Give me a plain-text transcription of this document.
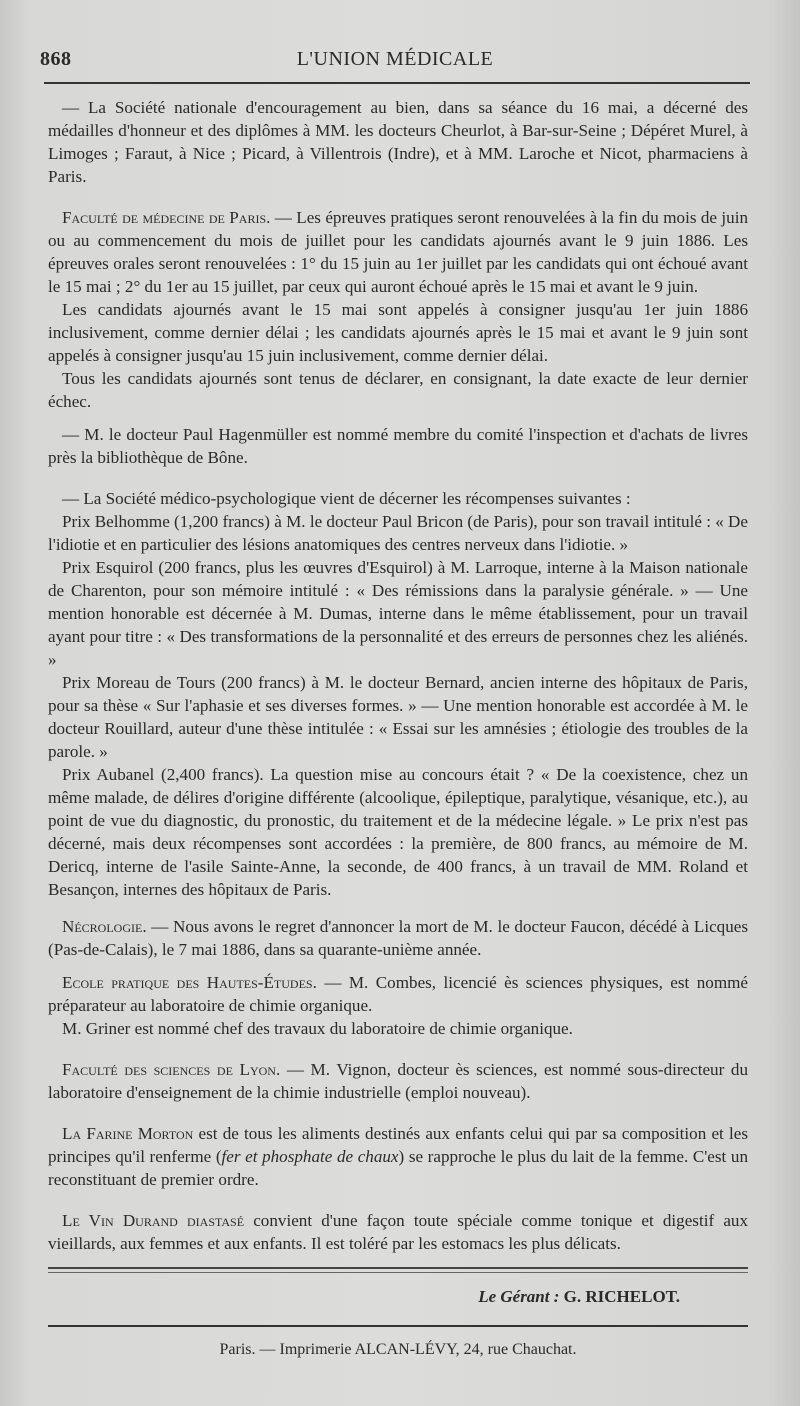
868	L'UNION MÉDICALE

— La Société nationale d'encouragement au bien, dans sa séance du 16 mai, a décerné des médailles d'honneur et des diplômes à MM. les docteurs Cheurlot, à Bar-sur-Seine ; Dépéret Murel, à Limoges ; Faraut, à Nice ; Picard, à Villentrois (Indre), et à MM. Laroche et Nicot, pharmaciens à Paris.

Faculté de médecine de Paris. — Les épreuves pratiques seront renouvelées à la fin du mois de juin ou au commencement du mois de juillet pour les candidats ajournés avant le 9 juin 1886. Les épreuves orales seront renouvelées : 1° du 15 juin au 1er juillet par les candidats qui ont échoué avant le 15 mai ; 2° du 1er au 15 juillet, par ceux qui auront échoué après le 15 mai et avant le 9 juin.

Les candidats ajournés avant le 15 mai sont appelés à consigner jusqu'au 1er juin 1886 inclusivement, comme dernier délai ; les candidats ajournés après le 15 mai et avant le 9 juin sont appelés à consigner jusqu'au 15 juin inclusivement, comme dernier délai.

Tous les candidats ajournés sont tenus de déclarer, en consignant, la date exacte de leur dernier échec.

— M. le docteur Paul Hagenmüller est nommé membre du comité l'inspection et d'achats de livres près la bibliothèque de Bône.

— La Société médico-psychologique vient de décerner les récompenses suivantes :

Prix Belhomme (1,200 francs) à M. le docteur Paul Bricon (de Paris), pour son travail intitulé : « De l'idiotie et en particulier des lésions anatomiques des centres nerveux dans l'idiotie. »

Prix Esquirol (200 francs, plus les œuvres d'Esquirol) à M. Larroque, interne à la Maison nationale de Charenton, pour son mémoire intitulé : « Des rémissions dans la paralysie générale. » — Une mention honorable est décernée à M. Dumas, interne dans le même établissement, pour un travail ayant pour titre : « Des transformations de la personnalité et des erreurs de personnes chez les aliénés. »

Prix Moreau de Tours (200 francs) à M. le docteur Bernard, ancien interne des hôpitaux de Paris, pour sa thèse « Sur l'aphasie et ses diverses formes. » — Une mention honorable est accordée à M. le docteur Rouillard, auteur d'une thèse intitulée : « Essai sur les amnésies ; étiologie des troubles de la parole. »

Prix Aubanel (2,400 francs). La question mise au concours était ? « De la coexistence, chez un même malade, de délires d'origine différente (alcoolique, épileptique, paralytique, vésanique, etc.), au point de vue du diagnostic, du pronostic, du traitement et de la médecine légale. » Le prix n'est pas décerné, mais deux récompenses sont accordées : la première, de 800 francs, au mémoire de M. Dericq, interne de l'asile Sainte-Anne, la seconde, de 400 francs, à un travail de MM. Roland et Besançon, internes des hôpitaux de Paris.

Nécrologie. — Nous avons le regret d'annoncer la mort de M. le docteur Faucon, décédé à Licques (Pas-de-Calais), le 7 mai 1886, dans sa quarante-unième année.

Ecole pratique des Hautes-Études. — M. Combes, licencié ès sciences physiques, est nommé préparateur au laboratoire de chimie organique.

M. Griner est nommé chef des travaux du laboratoire de chimie organique.

Faculté des sciences de Lyon. — M. Vignon, docteur ès sciences, est nommé sous-directeur du laboratoire d'enseignement de la chimie industrielle (emploi nouveau).

La Farine Morton est de tous les aliments destinés aux enfants celui qui par sa composition et les principes qu'il renferme (fer et phosphate de chaux) se rapproche le plus du lait de la femme. C'est un reconstituant de premier ordre.

Le Vin Durand diastasé convient d'une façon toute spéciale comme tonique et digestif aux vieillards, aux femmes et aux enfants. Il est toléré par les estomacs les plus délicats.

Le Gérant : G. RICHELOT.
Paris. — Imprimerie ALCAN-LÉVY, 24, rue Chauchat.
